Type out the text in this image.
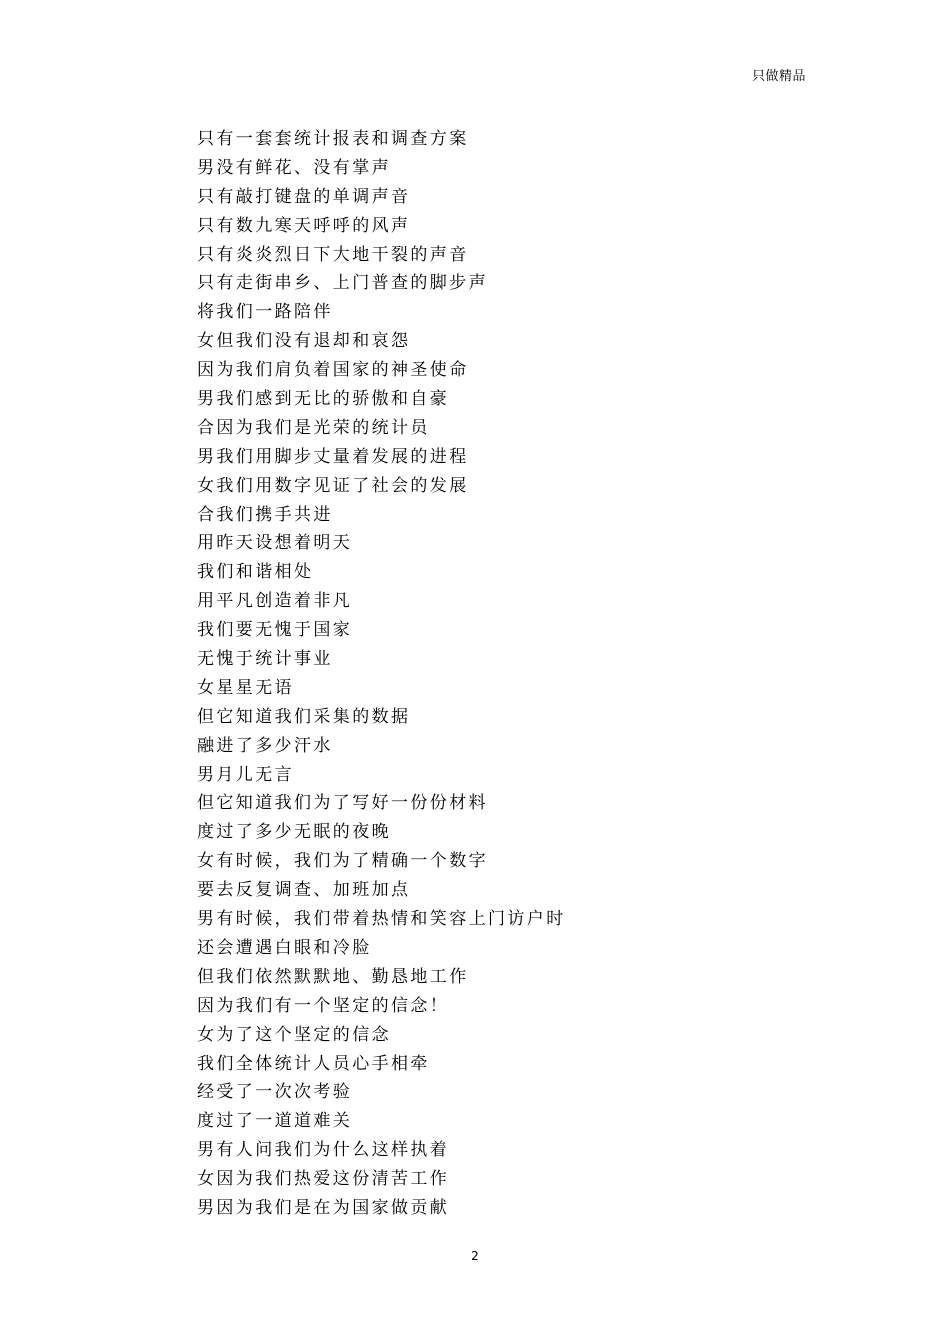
只做精品
只有一套套统计报表和调查方案
男没有鲜花、没有掌声
只有敲打键盘的单调声音
只有数九寒天呼呼的风声
只有炎炎烈日下大地干裂的声音
只有走街串乡、上门普查的脚步声
将我们一路陪伴
女但我们没有退却和哀怨
因为我们肩负着国家的神圣使命
男我们感到无比的骄傲和自豪
合因为我们是光荣的统计员
男我们用脚步丈量着发展的进程
女我们用数字见证了社会的发展
合我们携手共进
用昨天设想着明天
我们和谐相处
用平凡创造着非凡
我们要无愧于国家
无愧于统计事业
女星星无语
但它知道我们采集的数据
融进了多少汗水
男月儿无言
但它知道我们为了写好一份份材料
度过了多少无眠的夜晚
女有时候，我们为了精确一个数字
要去反复调查、加班加点
男有时候，我们带着热情和笑容上门访户时
还会遭遇白眼和冷脸
但我们依然默默地、勤恳地工作
因为我们有一个坚定的信念！
女为了这个坚定的信念
我们全体统计人员心手相牵
经受了一次次考验
度过了一道道难关
男有人问我们为什么这样执着
女因为我们热爱这份清苦工作
男因为我们是在为国家做贡献
2
